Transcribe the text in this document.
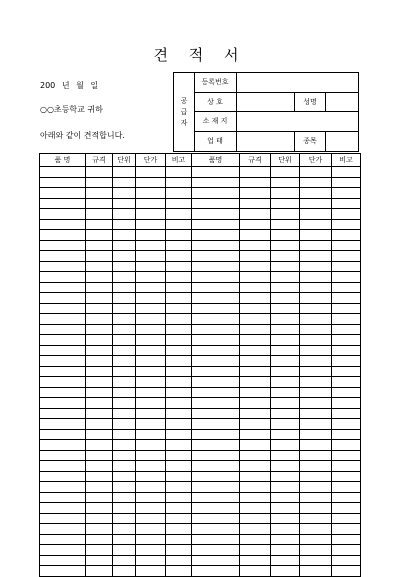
견 적 서
200 년 월 일
○○초등학교 귀하
아래와 같이 견적합니다.
공
급
자
등록번호
상 호	성명
소 재 지
업 태	종목
품 명	규격	단위	단가	비고	품명	규격	단위	단가	비고
